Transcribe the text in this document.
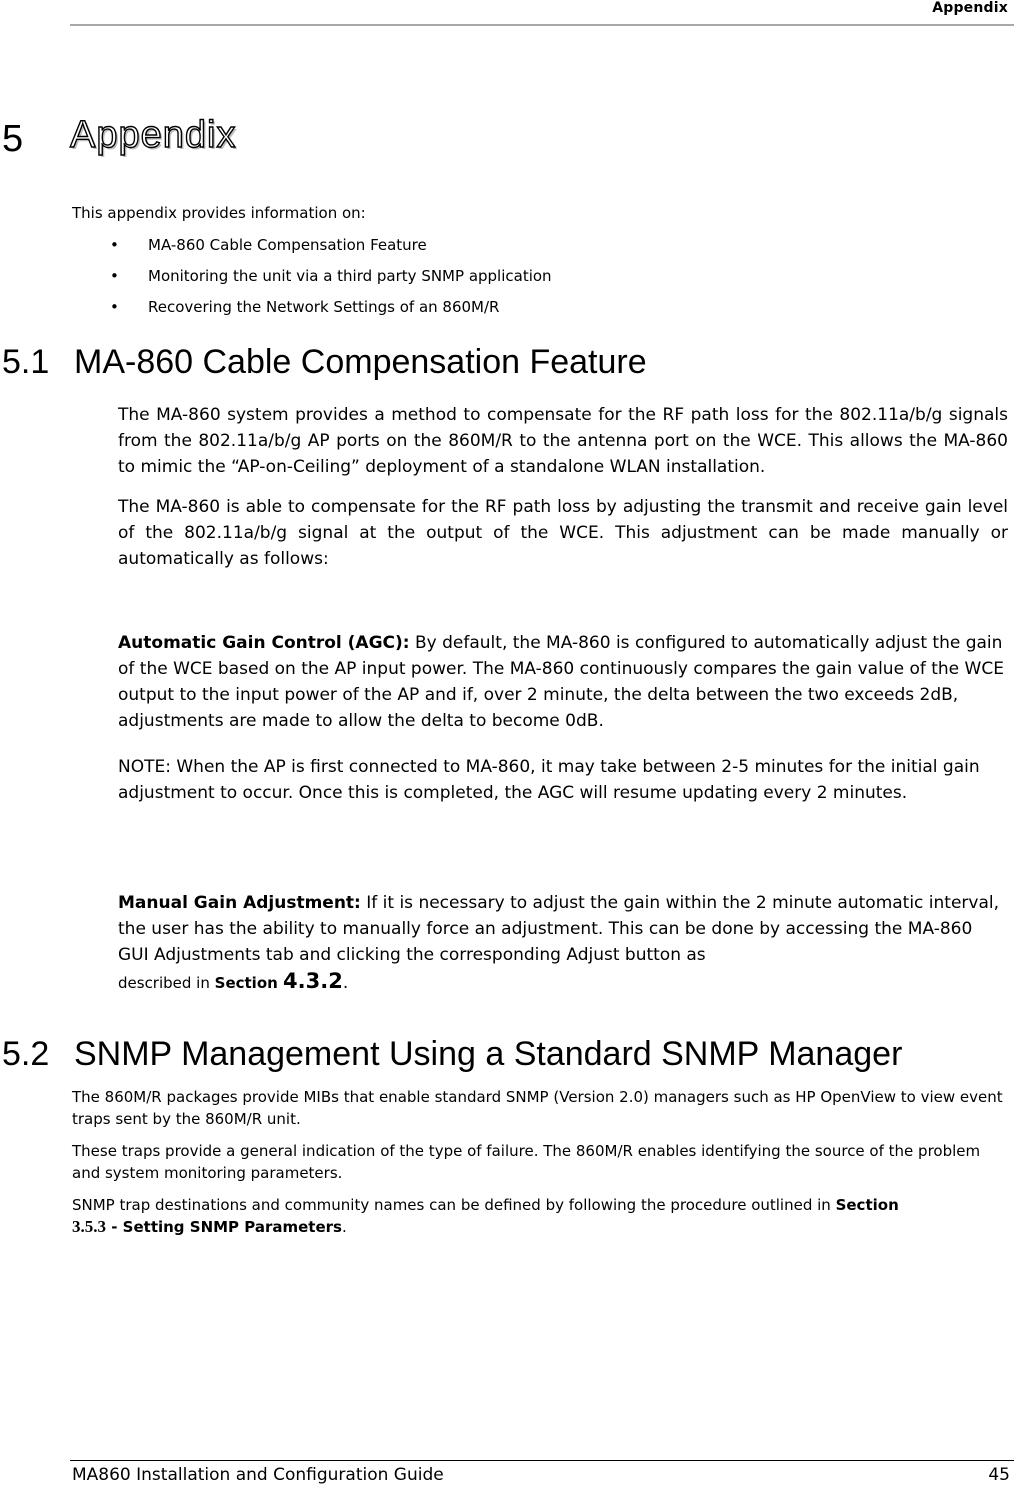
Appendix
5 Appendix
This appendix provides information on:
• MA-860 Cable Compensation Feature
• Monitoring the unit via a third party SNMP application
• Recovering the Network Settings of an 860M/R
5.1 MA-860 Cable Compensation Feature

The MA-860 system provides a method to compensate for the RF path loss for the 802.11a/b/g signals from the 802.11a/b/g AP ports on the 860M/R to the antenna port on the WCE. This allows the MA-860 to mimic the “AP-on-Ceiling” deployment of a standalone WLAN installation.

The MA-860 is able to compensate for the RF path loss by adjusting the transmit and receive gain level of the 802.11a/b/g signal at the output of the WCE. This adjustment can be made manually or automatically as follows:

Automatic Gain Control (AGC): By default, the MA-860 is configured to automatically adjust the gain of the WCE based on the AP input power. The MA-860 continuously compares the gain value of the WCE output to the input power of the AP and if, over 2 minute, the delta between the two exceeds 2dB, adjustments are made to allow the delta to become 0dB.

NOTE: When the AP is first connected to MA-860, it may take between 2-5 minutes for the initial gain adjustment to occur. Once this is completed, the AGC will resume updating every 2 minutes.

Manual Gain Adjustment: If it is necessary to adjust the gain within the 2 minute automatic interval, the user has the ability to manually force an adjustment. This can be done by accessing the MA-860 GUI Adjustments tab and clicking the corresponding Adjust button as
described in Section 4.3.2.

5.2 SNMP Management Using a Standard SNMP Manager

The 860M/R packages provide MIBs that enable standard SNMP (Version 2.0) managers such as HP OpenView to view event traps sent by the 860M/R unit.

These traps provide a general indication of the type of failure. The 860M/R enables identifying the source of the problem and system monitoring parameters.

SNMP trap destinations and community names can be defined by following the procedure outlined in Section
3.5.3 - Setting SNMP Parameters.

MA860 Installation and Configuration Guide	45
